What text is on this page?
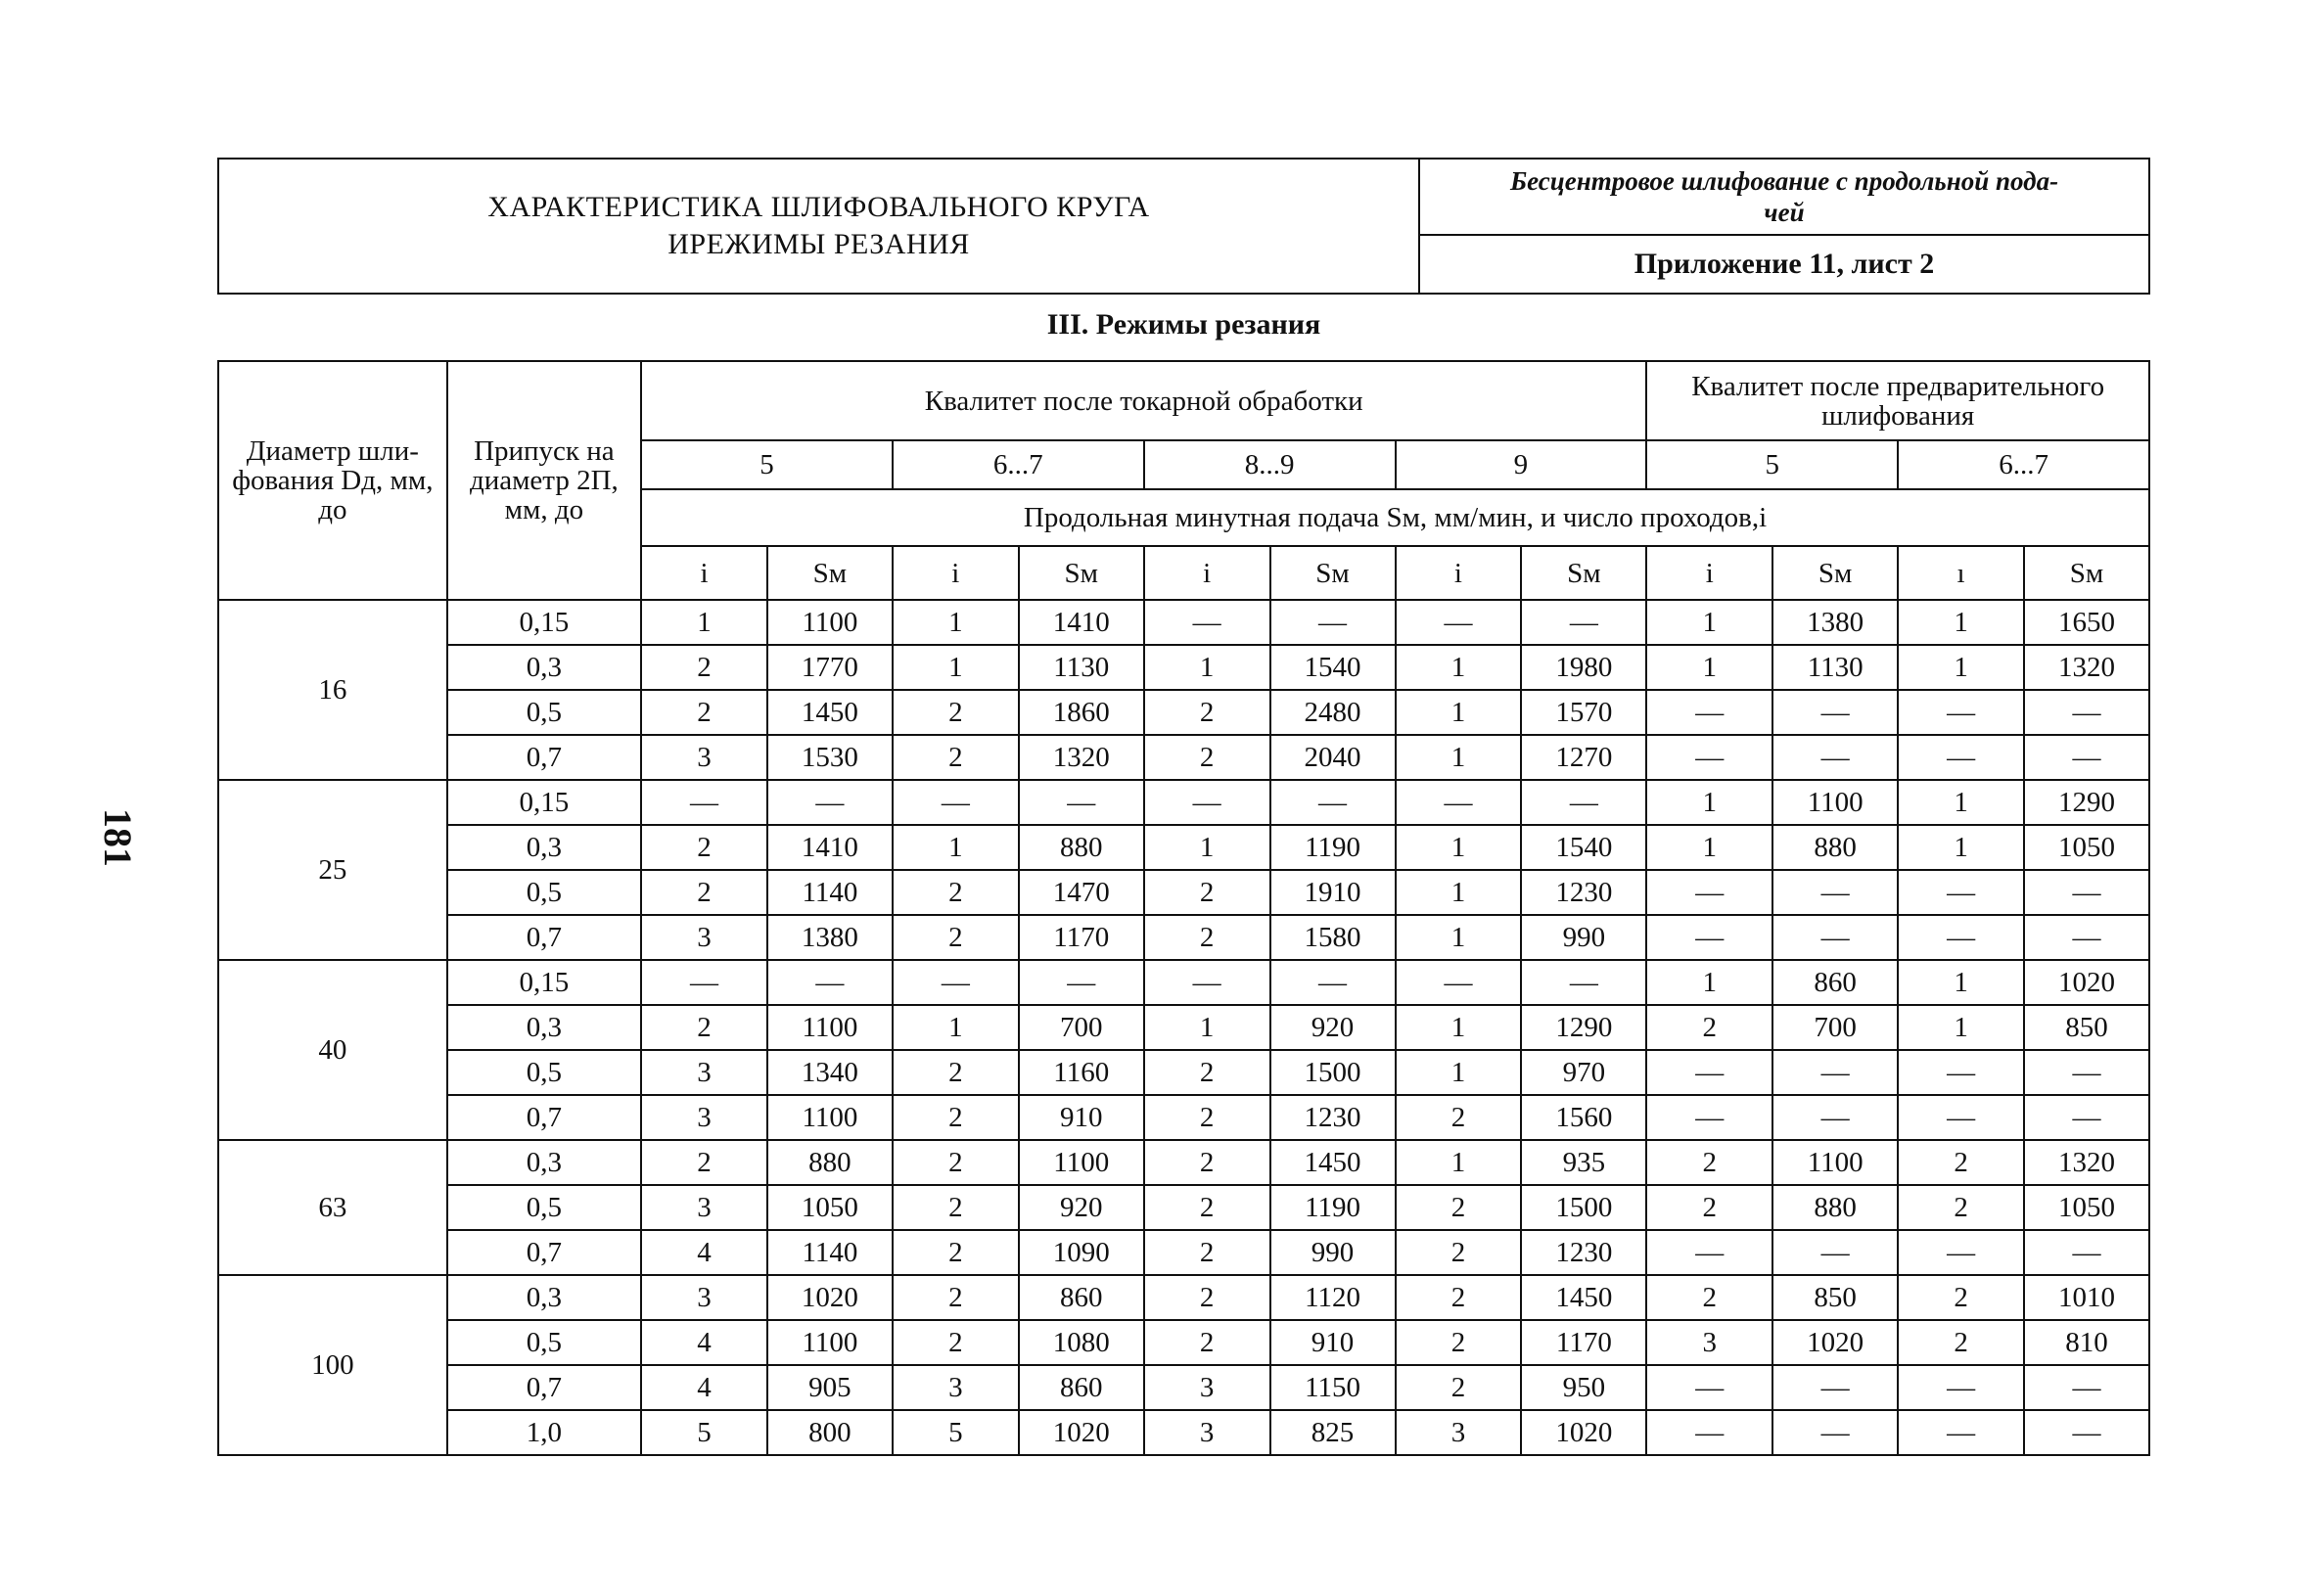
181
ХАРАКТЕРИСТИКА ШЛИФОВАЛЬНОГО КРУГА
ИРЕЖИМЫ РЕЗАНИЯ

Бесцентровое шлифование с продольной пода-
чей

Приложение 11, лист 2
III. Режимы резания
Диаметр шли-фования Dд, мм, до	Припуск на диаметр 2П, мм, до	Квалитет после токарной обработки								Квалитет после предварительного шлифования			
		5		6...7		8...9		9		5		6...7	
		Продольная минутная подача Sм, мм/мин, и число проходов,i											
		i	Sм	i	Sм	i	Sм	i	Sм	i	Sм	ı	Sм
16	0,15	1	1100	1	1410	—	—	—	—	1	1380	1	1650
	0,3	2	1770	1	1130	1	1540	1	1980	1	1130	1	1320
	0,5	2	1450	2	1860	2	2480	1	1570	—	—	—	—
	0,7	3	1530	2	1320	2	2040	1	1270	—	—	—	—
25	0,15	—	—	—	—	—	—	—	—	1	1100	1	1290
	0,3	2	1410	1	880	1	1190	1	1540	1	880	1	1050
	0,5	2	1140	2	1470	2	1910	1	1230	—	—	—	—
	0,7	3	1380	2	1170	2	1580	1	990	—	—	—	—
40	0,15	—	—	—	—	—	—	—	—	1	860	1	1020
	0,3	2	1100	1	700	1	920	1	1290	2	700	1	850
	0,5	3	1340	2	1160	2	1500	1	970	—	—	—	—
	0,7	3	1100	2	910	2	1230	2	1560	—	—	—	—
63	0,3	2	880	2	1100	2	1450	1	935	2	1100	2	1320
	0,5	3	1050	2	920	2	1190	2	1500	2	880	2	1050
	0,7	4	1140	2	1090	2	990	2	1230	—	—	—	—
100	0,3	3	1020	2	860	2	1120	2	1450	2	850	2	1010
	0,5	4	1100	2	1080	2	910	2	1170	3	1020	2	810
	0,7	4	905	3	860	3	1150	2	950	—	—	—	—
	1,0	5	800	5	1020	3	825	3	1020	—	—	—	—
